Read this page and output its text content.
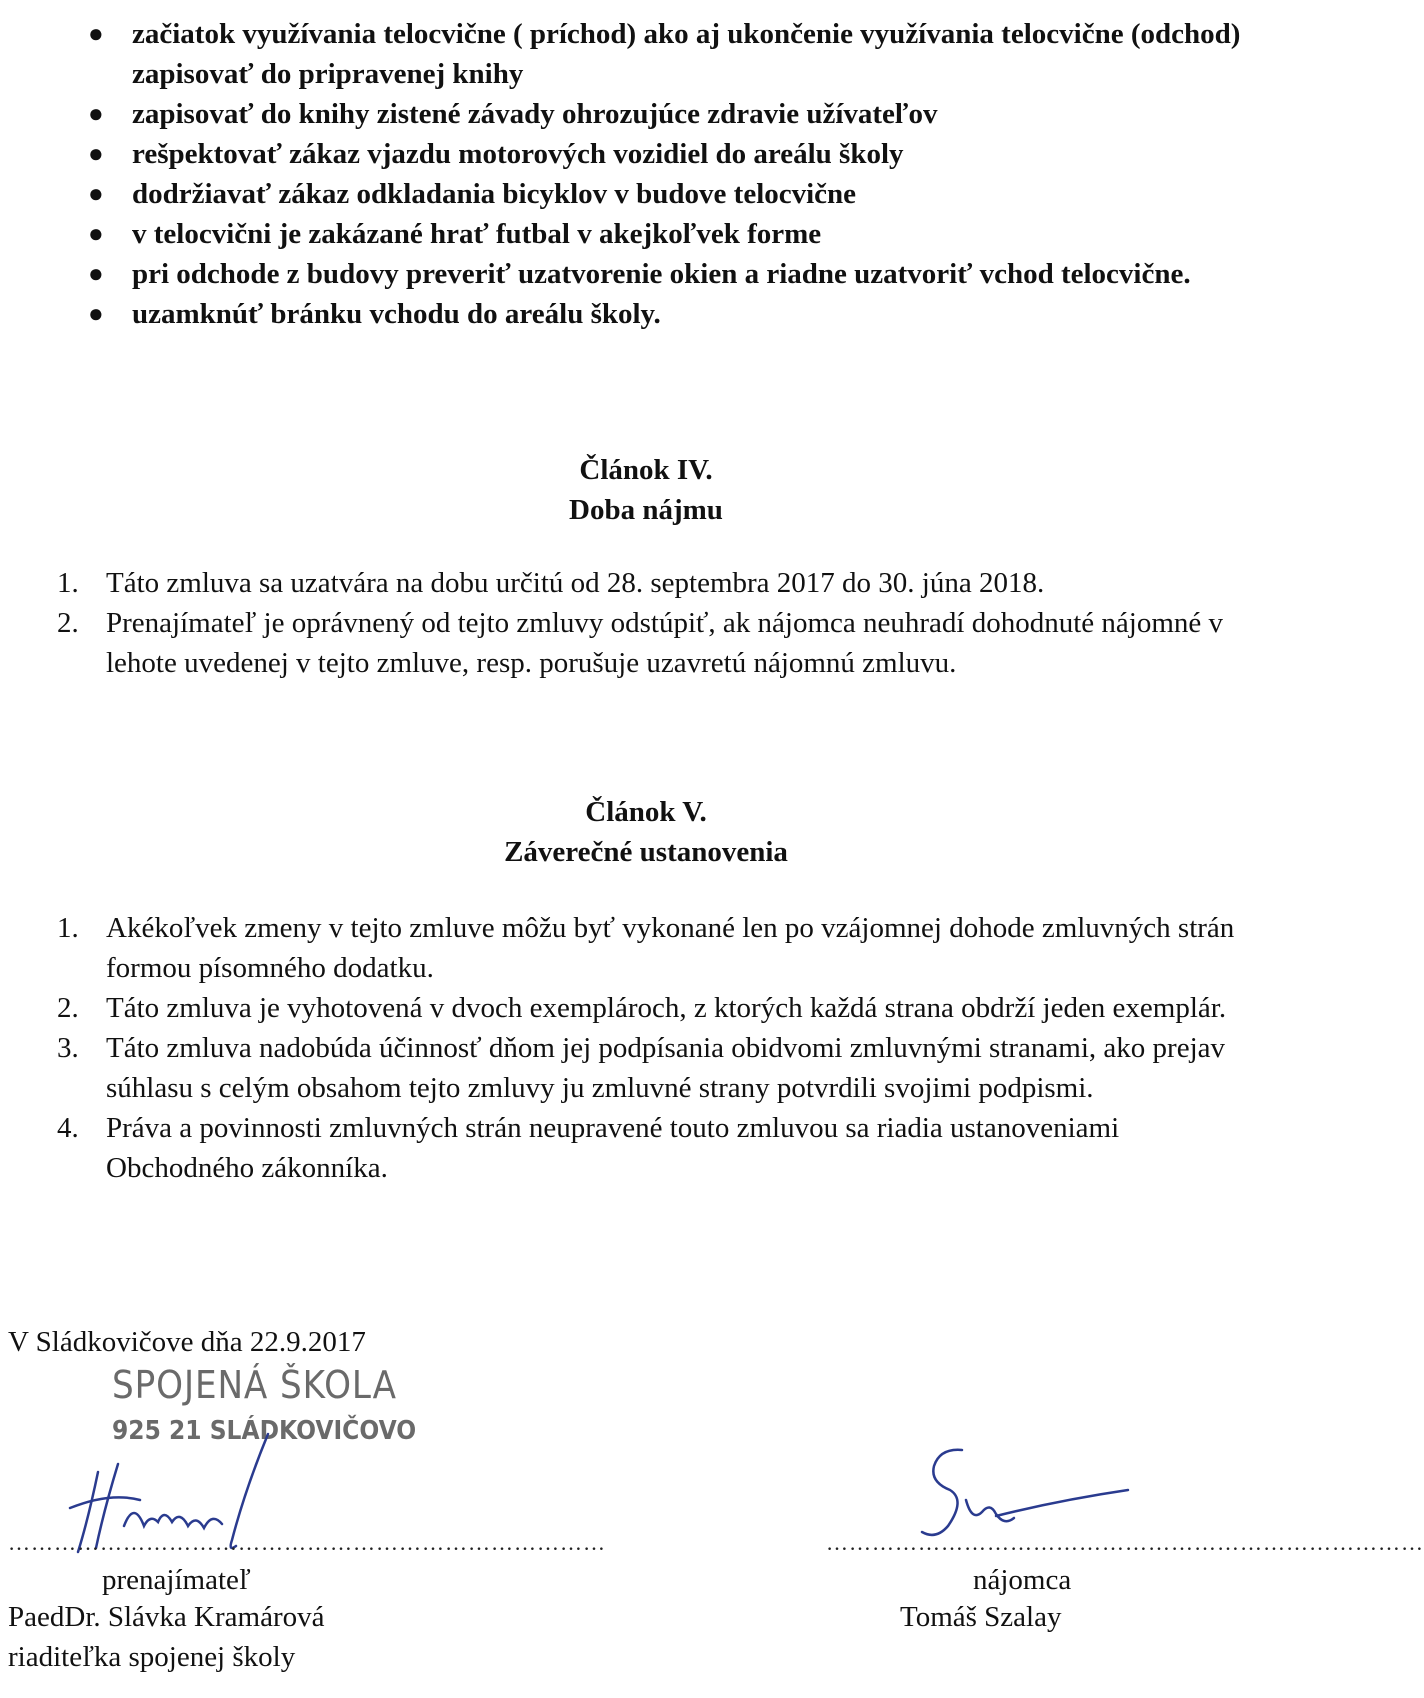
● začiatok využívania telocvične ( príchod) ako aj ukončenie využívania telocvične (odchod) zapisovať do pripravenej knihy
● zapisovať do knihy zistené závady ohrozujúce zdravie užívateľov
● rešpektovať zákaz vjazdu motorových vozidiel do areálu školy
● dodržiavať zákaz odkladania bicyklov v budove telocvične
● v telocvični je zakázané hrať futbal v akejkoľvek forme
● pri odchode z budovy preveriť uzatvorenie okien a riadne uzatvoriť vchod telocvične.
● uzamknúť bránku vchodu do areálu školy.
Článok IV.
Doba nájmu
1. Táto zmluva sa uzatvára na dobu určitú od 28. septembra 2017 do 30. júna 2018.
2. Prenajímateľ je oprávnený od tejto zmluvy odstúpiť, ak nájomca neuhradí dohodnuté nájomné v lehote uvedenej v tejto zmluve, resp. porušuje uzavretú nájomnú zmluvu.
Článok V.
Záverečné ustanovenia
1. Akékoľvek zmeny v tejto zmluve môžu byť vykonané len po vzájomnej dohode zmluvných strán formou písomného dodatku.
2. Táto zmluva je vyhotovená v dvoch exemplároch, z ktorých každá strana obdrží jeden exemplár.
3. Táto zmluva nadobúda účinnosť dňom jej podpísania obidvomi zmluvnými stranami, ako prejav súhlasu s celým obsahom tejto zmluvy ju zmluvné strany potvrdili svojimi podpismi.
4. Práva a povinnosti zmluvných strán neupravené touto zmluvou sa riadia ustanoveniami Obchodného zákonníka.
V Sládkovičove dňa 22.9.2017
SPOJENÁ ŠKOLA
925 21 SLÁDKOVIČOVO
……………………………………………………………………	……………………………………………………………………
prenajímateľ
PaedDr. Slávka Kramárová
riaditeľka spojenej školy
nájomca
Tomáš Szalay
